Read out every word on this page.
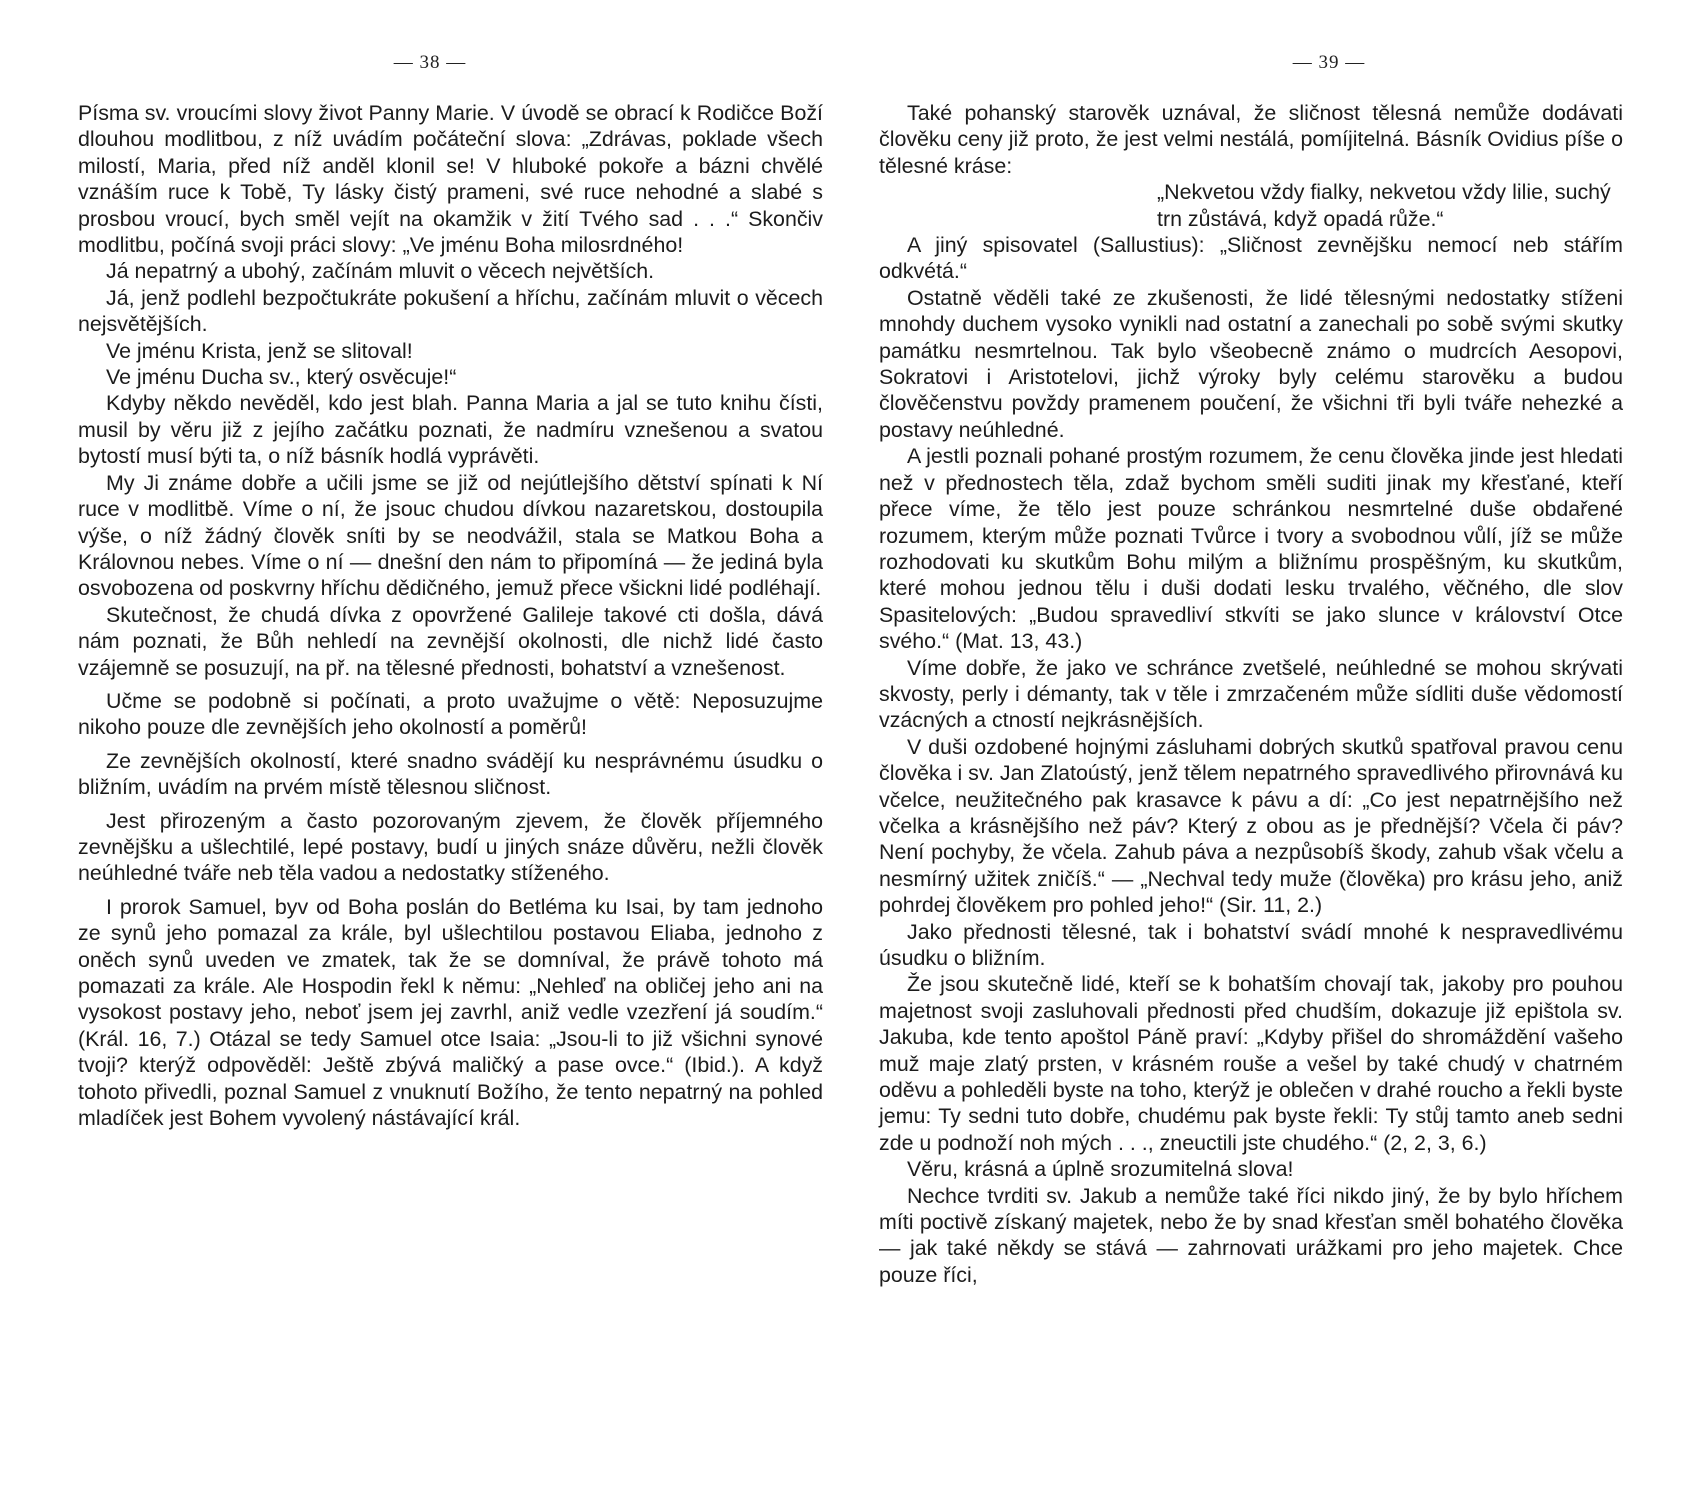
— 38 —

Písma sv. vroucími slovy život Panny Marie. V úvodě se obrací k Rodičce Boží dlouhou modlitbou, z níž uvádím počáteční slova: „Zdrávas, poklade všech milostí, Maria, před níž anděl klonil se! V hluboké pokoře a bázni chvělé vznáším ruce k Tobě, Ty lásky čistý prameni, své ruce nehodné a slabé s prosbou vroucí, bych směl vejít na okamžik v žití Tvého sad . . .“ Skončiv modlitbu, počíná svoji práci slovy: „Ve jménu Boha milosrdného!

Já nepatrný a ubohý, začínám mluvit o věcech největších.

Já, jenž podlehl bezpočtukráte pokušení a hříchu, začínám mluvit o věcech nejsvětějších.

Ve jménu Krista, jenž se slitoval!

Ve jménu Ducha sv., který osvěcuje!“

Kdyby někdo nevěděl, kdo jest blah. Panna Maria a jal se tuto knihu čísti, musil by věru již z jejího začátku poznati, že nadmíru vznešenou a svatou bytostí musí býti ta, o níž básník hodlá vyprávěti.

My Ji známe dobře a učili jsme se již od nejútlejšího dětství spínati k Ní ruce v modlitbě. Víme o ní, že jsouc chudou dívkou nazaretskou, dostoupila výše, o níž žádný člověk sníti by se neodvážil, stala se Matkou Boha a Královnou nebes. Víme o ní — dnešní den nám to připomíná — že jediná byla osvobozena od poskvrny hříchu dědičného, jemuž přece všickni lidé podléhají.

Skutečnost, že chudá dívka z opovržené Galileje takové cti došla, dává nám poznati, že Bůh nehledí na zevnější okolnosti, dle nichž lidé často vzájemně se posuzují, na př. na tělesné přednosti, bohatství a vznešenost.

Učme se podobně si počínati, a proto uvažujme o větě: Neposuzujme nikoho pouze dle zevnějších jeho okolností a poměrů!

Ze zevnějších okolností, které snadno svádějí ku nesprávnému úsudku o bližním, uvádím na prvém místě tělesnou sličnost.

Jest přirozeným a často pozorovaným zjevem, že člověk příjemného zevnějšku a ušlechtilé, lepé postavy, budí u jiných snáze důvěru, nežli člověk neúhledné tváře neb těla vadou a nedostatky stíženého.

I prorok Samuel, byv od Boha poslán do Betléma ku Isai, by tam jednoho ze synů jeho pomazal za krále, byl ušlechtilou postavou Eliaba, jednoho z oněch synů uveden ve zmatek, tak že se domníval, že právě tohoto má pomazati za krále. Ale Hospodin řekl k němu: „Nehleď na obličej jeho ani na vysokost postavy jeho, neboť jsem jej zavrhl, aniž vedle vzezření já soudím.“ (Král. 16, 7.) Otázal se tedy Samuel otce Isaia: „Jsou-li to již všichni synové tvoji? kterýž odpověděl: Ještě zbývá maličký a pase ovce.“ (Ibid.). A když tohoto přivedli, poznal Samuel z vnuknutí Božího, že tento nepatrný na pohled mladíček jest Bohem vyvolený nástávající král.

— 39 —

Také pohanský starověk uznával, že sličnost tělesná nemůže dodávati člověku ceny již proto, že jest velmi nestálá, pomíjitelná. Básník Ovidius píše o tělesné kráse:

„Nekvetou vždy fialky, nekvetou vždy lilie, suchý trn zůstává, když opadá růže.“

A jiný spisovatel (Sallustius): „Sličnost zevnějšku nemocí neb stářím odkvétá.“

Ostatně věděli také ze zkušenosti, že lidé tělesnými nedostatky stíženi mnohdy duchem vysoko vynikli nad ostatní a zanechali po sobě svými skutky památku nesmrtelnou. Tak bylo všeobecně známo o mudrcích Aesopovi, Sokratovi i Aristotelovi, jichž výroky byly celému starověku a budou člověčenstvu povždy pramenem poučení, že všichni tři byli tváře nehezké a postavy neúhledné.

A jestli poznali pohané prostým rozumem, že cenu člověka jinde jest hledati než v přednostech těla, zdaž bychom směli suditi jinak my křesťané, kteří přece víme, že tělo jest pouze schránkou nesmrtelné duše obdařené rozumem, kterým může poznati Tvůrce i tvory a svobodnou vůlí, jíž se může rozhodovati ku skutkům Bohu milým a bližnímu prospěšným, ku skutkům, které mohou jednou tělu i duši dodati lesku trvalého, věčného, dle slov Spasitelových: „Budou spravedliví stkvíti se jako slunce v království Otce svého.“ (Mat. 13, 43.)

Víme dobře, že jako ve schránce zvetšelé, neúhledné se mohou skrývati skvosty, perly i démanty, tak v těle i zmrzačeném může sídliti duše vědomostí vzácných a ctností nejkrásnějších.

V duši ozdobené hojnými zásluhami dobrých skutků spatřoval pravou cenu člověka i sv. Jan Zlatoústý, jenž tělem nepatrného spravedlivého přirovnává ku včelce, neužitečného pak krasavce k pávu a dí: „Co jest nepatrnějšího než včelka a krásnějšího než páv? Který z obou as je přednější? Včela či páv? Není pochyby, že včela. Zahub páva a nezpůsobíš škody, zahub však včelu a nesmírný užitek zničíš.“ — „Nechval tedy muže (člověka) pro krásu jeho, aniž pohrdej člověkem pro pohled jeho!“ (Sir. 11, 2.)

Jako přednosti tělesné, tak i bohatství svádí mnohé k nespravedlivému úsudku o bližním.

Že jsou skutečně lidé, kteří se k bohatším chovají tak, jakoby pro pouhou majetnost svoji zasluhovali přednosti před chudším, dokazuje již epištola sv. Jakuba, kde tento apoštol Páně praví: „Kdyby přišel do shromáždění vašeho muž maje zlatý prsten, v krásném rouše a vešel by také chudý v chatrném oděvu a pohleděli byste na toho, kterýž je oblečen v drahé roucho a řekli byste jemu: Ty sedni tuto dobře, chudému pak byste řekli: Ty stůj tamto aneb sedni zde u podnoží noh mých . . ., zneuctili jste chudého.“ (2, 2, 3, 6.)

Věru, krásná a úplně srozumitelná slova!

Nechce tvrditi sv. Jakub a nemůže také říci nikdo jiný, že by bylo hříchem míti poctivě získaný majetek, nebo že by snad křesťan směl bohatého člověka — jak také někdy se stává — zahrnovati urážkami pro jeho majetek. Chce pouze říci,
